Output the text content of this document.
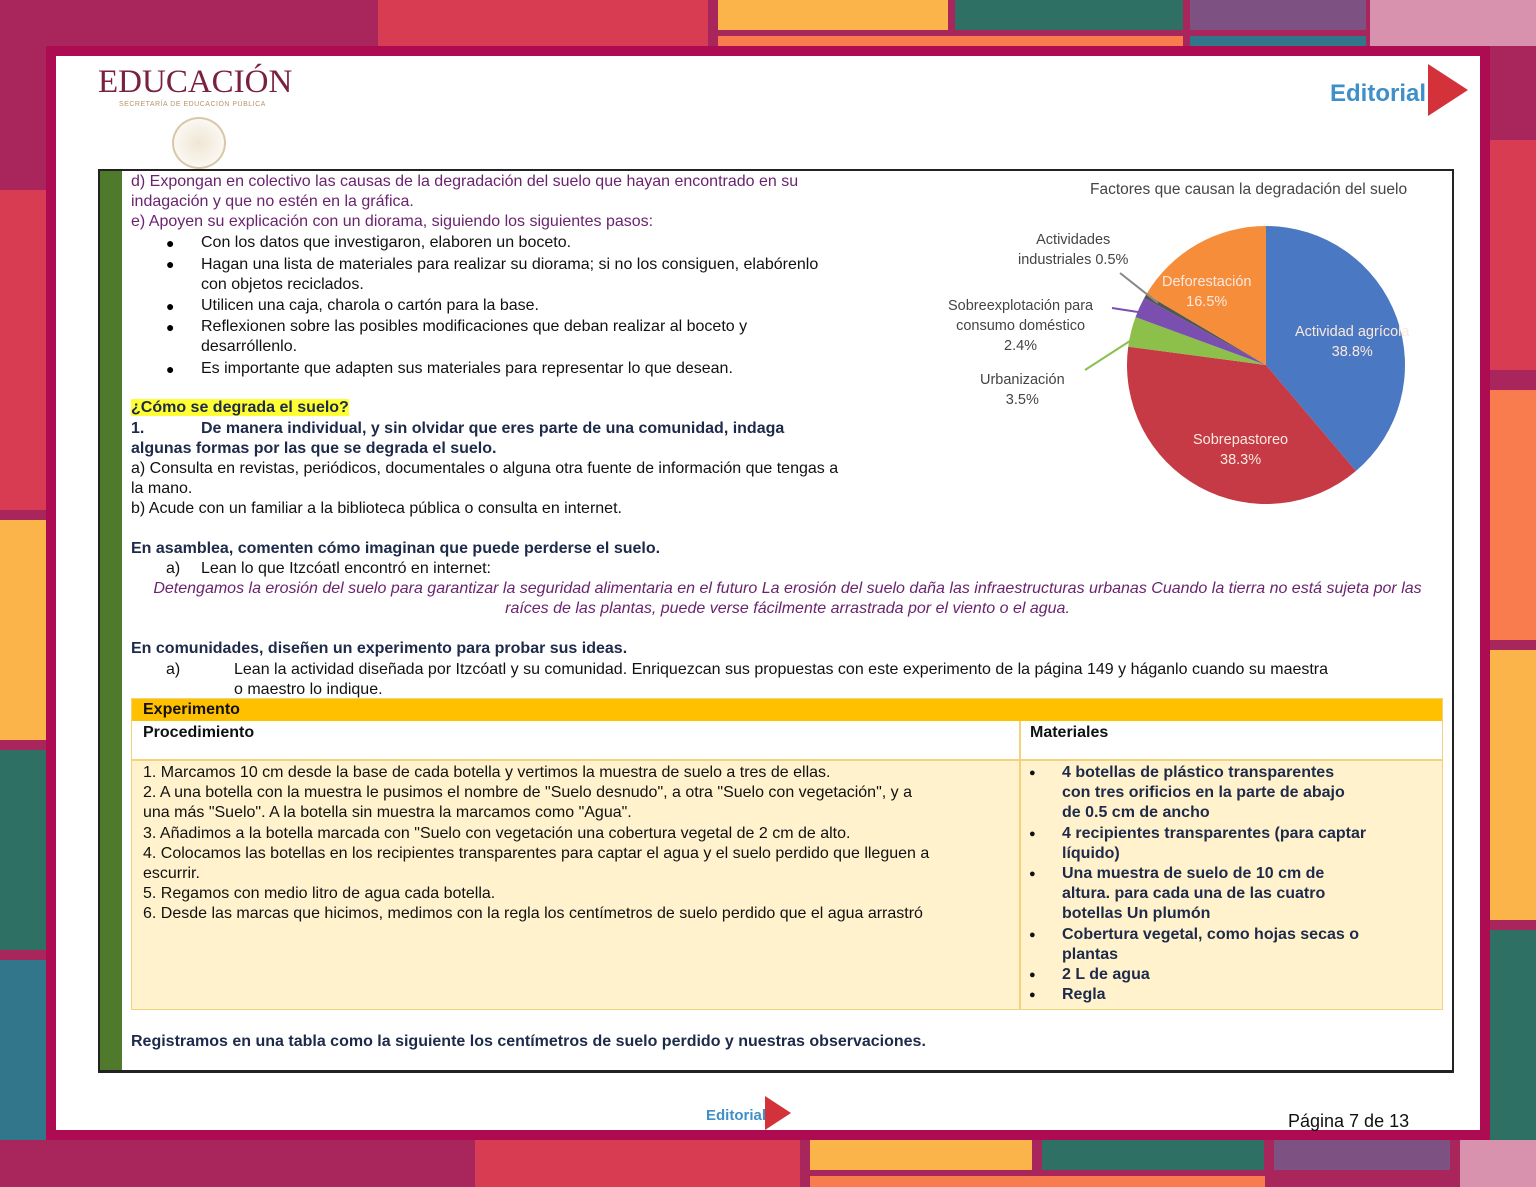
EDUCACIÓN
SECRETARÍA DE EDUCACIÓN PÚBLICA	Editorial
d) Expongan en colectivo las causas de la degradación del suelo que hayan encontrado en su
indagación y que no estén en la gráfica.
e) Apoyen su explicación con un diorama, siguiendo los siguientes pasos:
● Con los datos que investigaron, elaboren un boceto.
● Hagan una lista de materiales para realizar su diorama; si no los consiguen, elabórenlo
con objetos reciclados.
● Utilicen una caja, charola o cartón para la base.
● Reflexionen sobre las posibles modificaciones que deban realizar al boceto y
desarróllenlo.
● Es importante que adapten sus materiales para representar lo que desean.
¿Cómo se degrada el suelo?
1.	De manera individual, y sin olvidar que eres parte de una comunidad, indaga
algunas formas por las que se degrada el suelo.
a) Consulta en revistas, periódicos, documentales o alguna otra fuente de información que tengas a
la mano.
b) Acude con un familiar a la biblioteca pública o consulta en internet.
En asamblea, comenten cómo imaginan que puede perderse el suelo.
a) Lean lo que Itzcóatl encontró en internet:
Detengamos la erosión del suelo para garantizar la seguridad alimentaria en el futuro La erosión del suelo daña las infraestructuras urbanas Cuando la tierra no está sujeta por las raíces de las plantas, puede verse fácilmente arrastrada por el viento o el agua.
En comunidades, diseñen un experimento para probar sus ideas.
a)	Lean la actividad diseñada por Itzcóatl y su comunidad. Enriquezcan sus propuestas con este experimento de la página 149 y háganlo cuando su maestra
o maestro lo indique.
Factores que causan la degradación del suelo
Actividad agrícola
38.8%
Sobrepastoreo
38.3%
Urbanización
3.5%
Sobreexplotación para
consumo doméstico
2.4%
Actividades
industriales 0.5%
Deforestación
16.5%
Experimento
Procedimiento	Materiales
1. Marcamos 10 cm desde la base de cada botella y vertimos la muestra de suelo a tres de ellas.
2. A una botella con la muestra le pusimos el nombre de "Suelo desnudo", a otra "Suelo con vegetación", y a
una más "Suelo". A la botella sin muestra la marcamos como "Agua".
3. Añadimos a la botella marcada con "Suelo con vegetación una cobertura vegetal de 2 cm de alto.
4. Colocamos las botellas en los recipientes transparentes para captar el agua y el suelo perdido que lleguen a
escurrir.
5. Regamos con medio litro de agua cada botella.
6. Desde las marcas que hicimos, medimos con la regla los centímetros de suelo perdido que el agua arrastró
● 4 botellas de plástico transparentes
con tres orificios en la parte de abajo
de 0.5 cm de ancho
● 4 recipientes transparentes (para captar
líquido)
● Una muestra de suelo de 10 cm de
altura. para cada una de las cuatro
botellas Un plumón
● Cobertura vegetal, como hojas secas o
plantas
● 2 L de agua
● Regla
Registramos en una tabla como la siguiente los centímetros de suelo perdido y nuestras observaciones.
Editorial	Página 7 de 13
